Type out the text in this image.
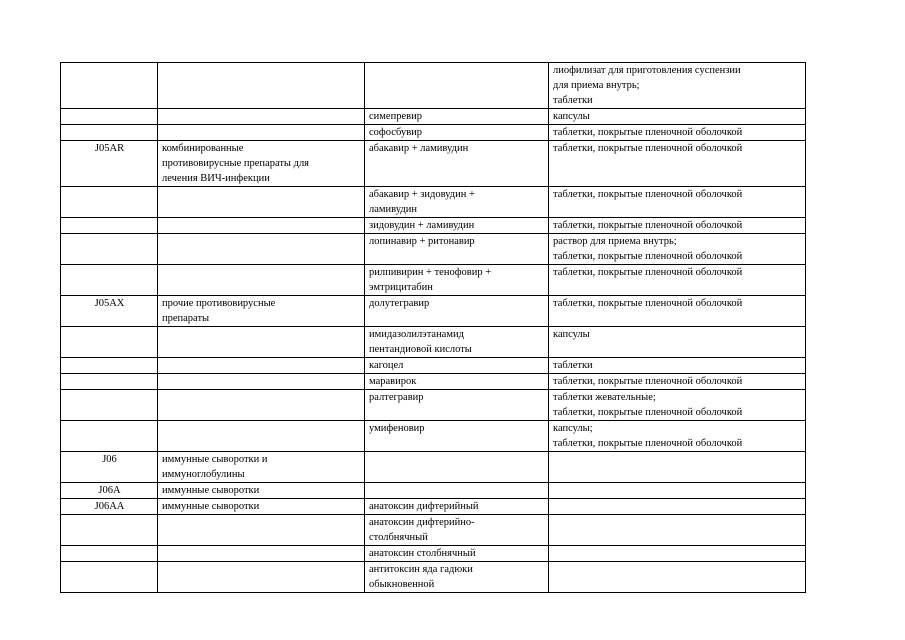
			лиофилизат для приготовления суспензии
для приема внутрь;
таблетки

		симепревир	капсулы

		софосбувир	таблетки, покрытые пленочной оболочкой

J05AR	комбинированные
противовирусные препараты для
лечения ВИЧ-инфекции	абакавир + ламивудин	таблетки, покрытые пленочной оболочкой

		абакавир + зидовудин +
ламивудин	таблетки, покрытые пленочной оболочкой

		зидовудин + ламивудин	таблетки, покрытые пленочной оболочкой

		лопинавир + ритонавир	раствор для приема внутрь;
таблетки, покрытые пленочной оболочкой

		рилпивирин + тенофовир +
эмтрицитабин	таблетки, покрытые пленочной оболочкой

J05AX	прочие противовирусные
препараты	долутегравир	таблетки, покрытые пленочной оболочкой

		имидазолилэтанамид
пентандиовой кислоты	капсулы

		кагоцел	таблетки

		маравирок	таблетки, покрытые пленочной оболочкой

		ралтегравир	таблетки жевательные;
таблетки, покрытые пленочной оболочкой

		умифеновир	капсулы;
таблетки, покрытые пленочной оболочкой

J06	иммунные сыворотки и
иммуноглобулины		

J06A	иммунные сыворотки		

J06AA	иммунные сыворотки	анатоксин дифтерийный	

		анатоксин дифтерийно-
столбнячный	

		анатоксин столбнячный	

		антитоксин яда гадюки
обыкновенной	
